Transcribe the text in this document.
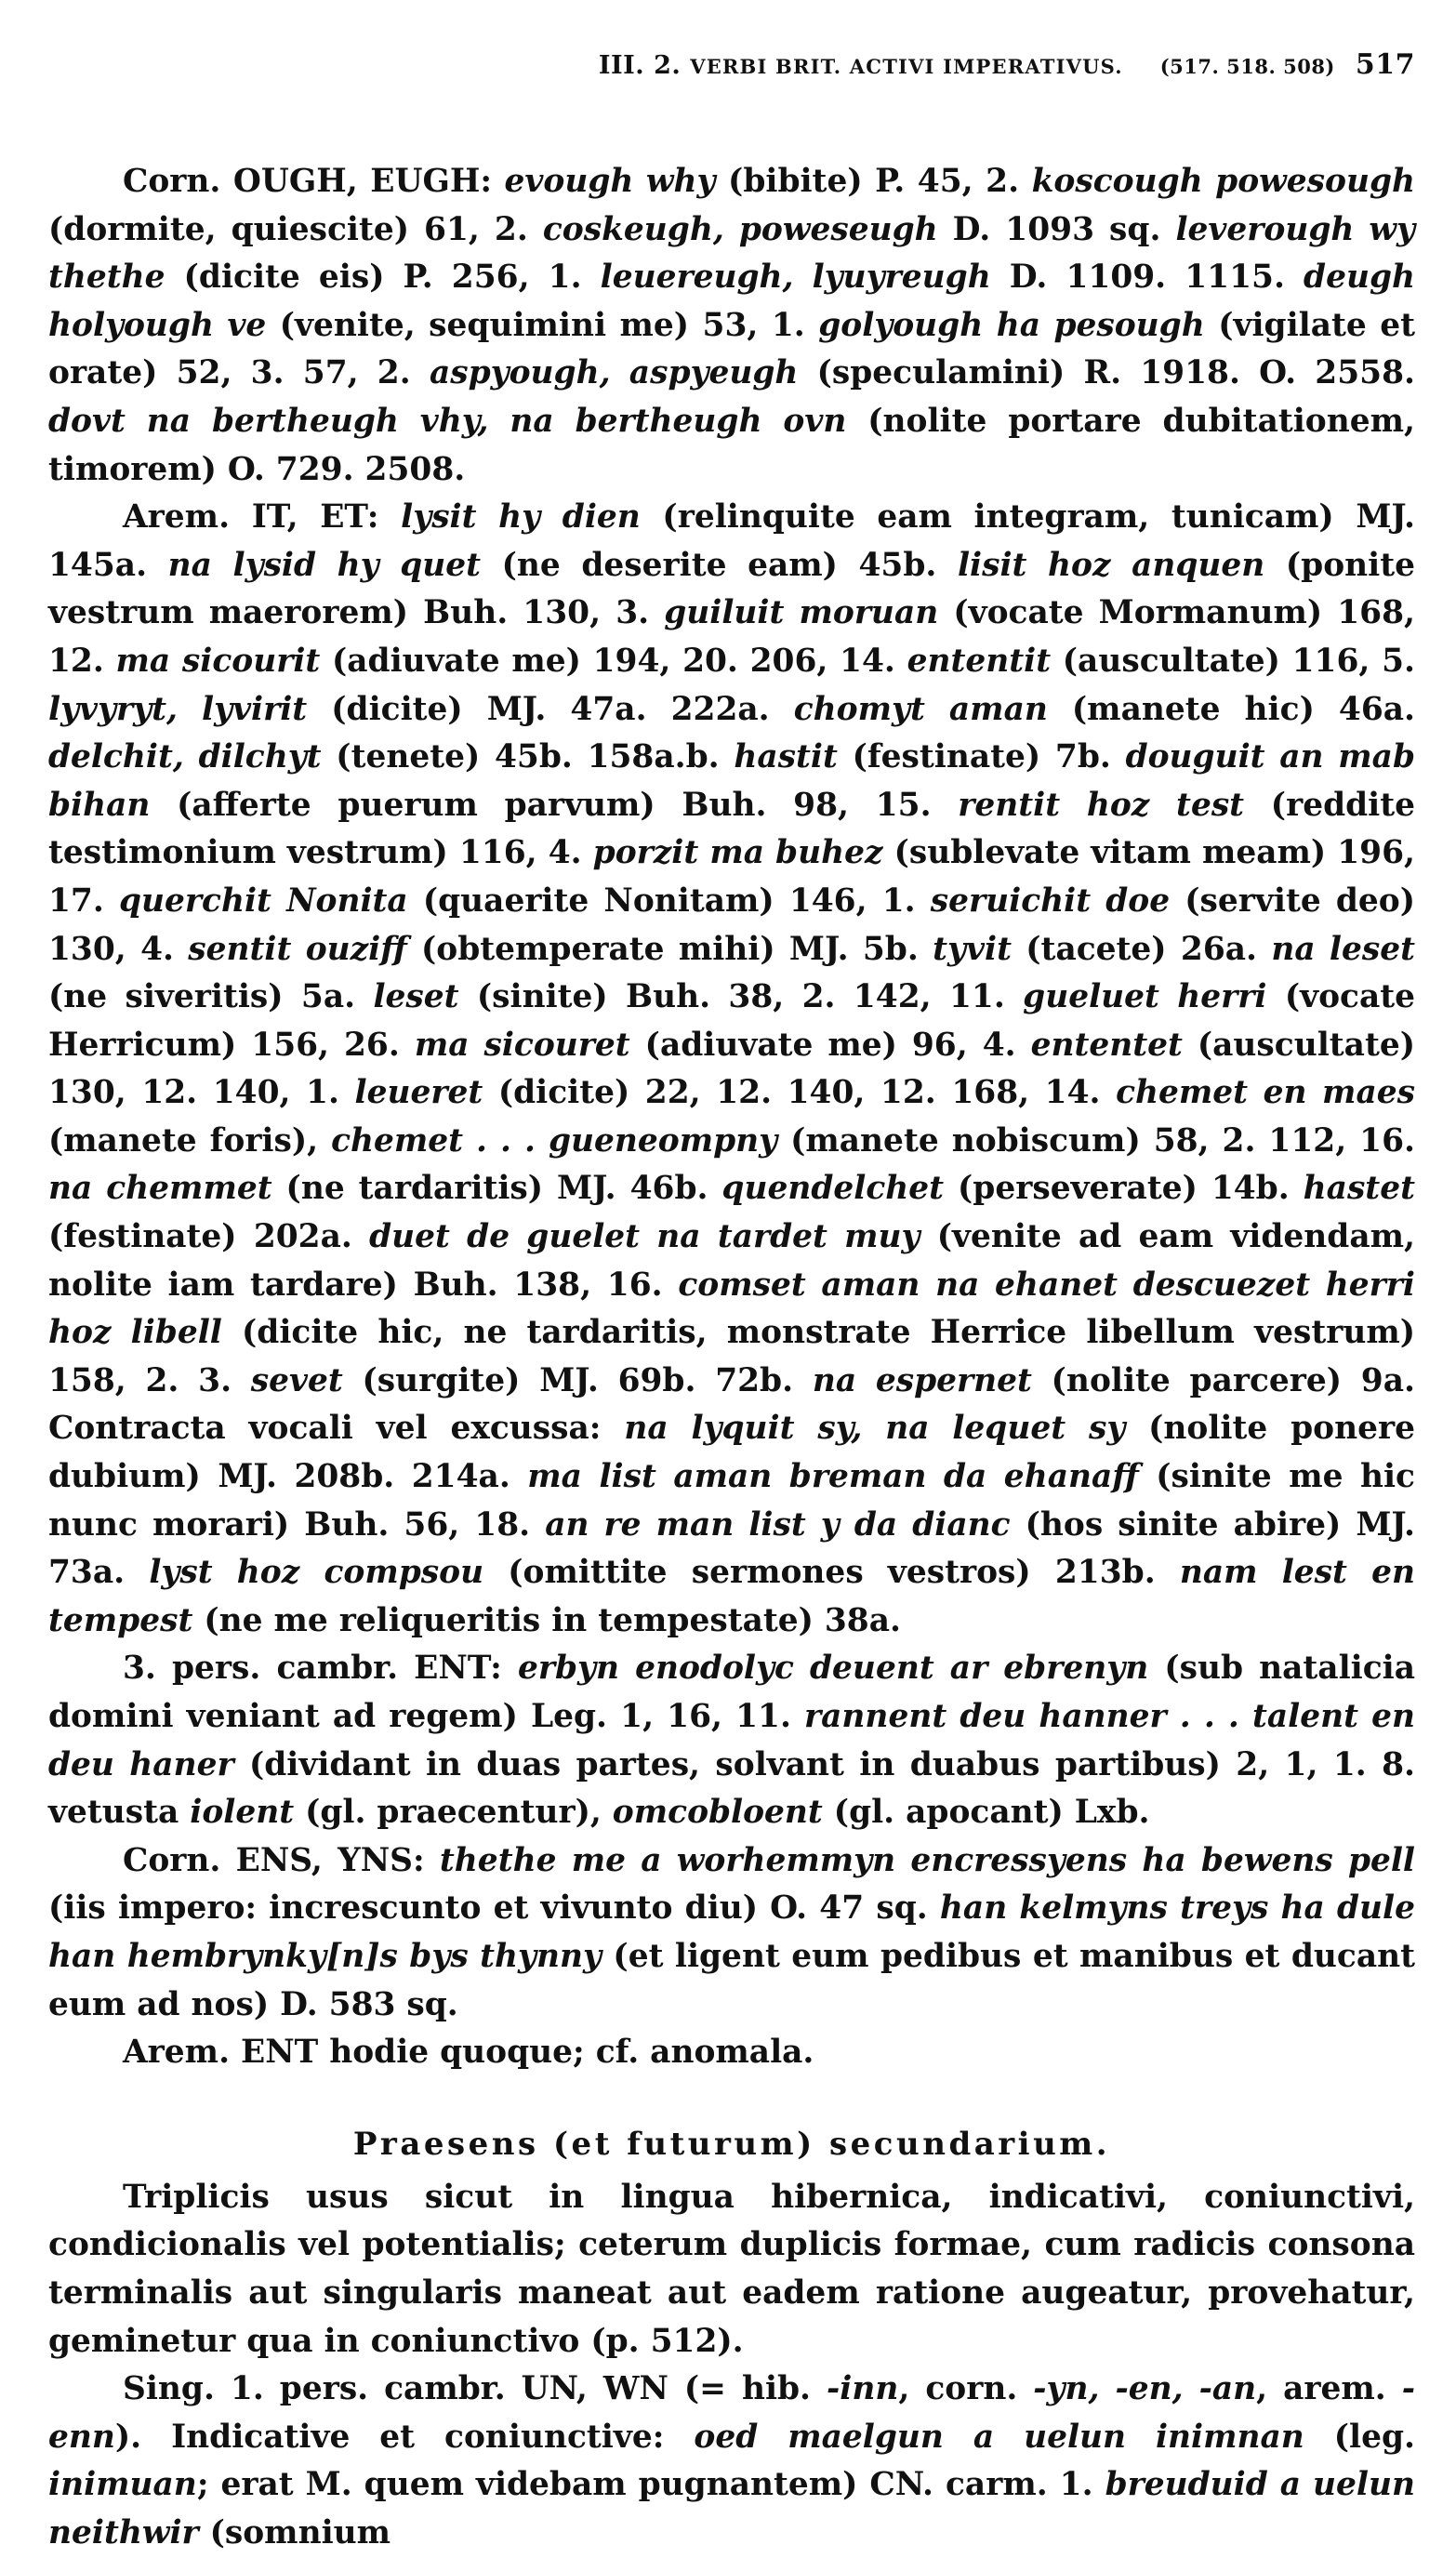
III. 2. VERBI BRIT. ACTIVI IMPERATIVUS. (517. 518. 508) 517

Corn. OUGH, EUGH: evough why (bibite) P. 45, 2. koscough powesough (dormite, quiescite) 61, 2. coskeugh, poweseugh D. 1093 sq. leverough wy thethe (dicite eis) P. 256, 1. leuereugh, lyuyreugh D. 1109. 1115. deugh holyough ve (venite, sequimini me) 53, 1. golyough ha pesough (vigilate et orate) 52, 3. 57, 2. aspyough, aspyeugh (speculamini) R. 1918. O. 2558. dovt na bertheugh vhy, na bertheugh ovn (nolite portare dubitationem, timorem) O. 729. 2508.

Arem. IT, ET: lysit hy dien (relinquite eam integram, tunicam) MJ. 145a. na lysid hy quet (ne deserite eam) 45b. lisit hoz anquen (ponite vestrum maerorem) Buh. 130, 3. guiluit moruan (vocate Mormanum) 168, 12. ma sicourit (adiuvate me) 194, 20. 206, 14. ententit (auscultate) 116, 5. lyvyryt, lyvirit (dicite) MJ. 47a. 222a. chomyt aman (manete hic) 46a. delchit, dilchyt (tenete) 45b. 158a.b. hastit (festinate) 7b. douguit an mab bihan (afferte puerum parvum) Buh. 98, 15. rentit hoz test (reddite testimonium vestrum) 116, 4. porzit ma buhez (sublevate vitam meam) 196, 17. querchit Nonita (quaerite Nonitam) 146, 1. seruichit doe (servite deo) 130, 4. sentit ouziff (obtemperate mihi) MJ. 5b. tyvit (tacete) 26a. na leset (ne siveritis) 5a. leset (sinite) Buh. 38, 2. 142, 11. gueluet herri (vocate Herricum) 156, 26. ma sicouret (adiuvate me) 96, 4. ententet (auscultate) 130, 12. 140, 1. leueret (dicite) 22, 12. 140, 12. 168, 14. chemet en maes (manete foris), chemet . . . gueneompny (manete nobiscum) 58, 2. 112, 16. na chemmet (ne tardaritis) MJ. 46b. quendelchet (perseverate) 14b. hastet (festinate) 202a. duet de guelet na tardet muy (venite ad eam videndam, nolite iam tardare) Buh. 138, 16. comset aman na ehanet descuezet herri hoz libell (dicite hic, ne tardaritis, monstrate Herrice libellum vestrum) 158, 2. 3. sevet (surgite) MJ. 69b. 72b. na espernet (nolite parcere) 9a. Contracta vocali vel excussa: na lyquit sy, na lequet sy (nolite ponere dubium) MJ. 208b. 214a. ma list aman breman da ehanaff (sinite me hic nunc morari) Buh. 56, 18. an re man list y da dianc (hos sinite abire) MJ. 73a. lyst hoz compsou (omittite sermones vestros) 213b. nam lest en tempest (ne me reliqueritis in tempestate) 38a.

3. pers. cambr. ENT: erbyn enodolyc deuent ar ebrenyn (sub natalicia domini veniant ad regem) Leg. 1, 16, 11. rannent deu hanner . . . talent en deu haner (dividant in duas partes, solvant in duabus partibus) 2, 1, 1. 8. vetusta iolent (gl. praecentur), omcobloent (gl. apocant) Lxb.

Corn. ENS, YNS: thethe me a worhemmyn encressyens ha bewens pell (iis impero: increscunto et vivunto diu) O. 47 sq. han kelmyns treys ha dule han hembrynky[n]s bys thynny (et ligent eum pedibus et manibus et ducant eum ad nos) D. 583 sq.

Arem. ENT hodie quoque; cf. anomala.

Praesens (et futurum) secundarium.

Triplicis usus sicut in lingua hibernica, indicativi, coniunctivi, condicionalis vel potentialis; ceterum duplicis formae, cum radicis consona terminalis aut singularis maneat aut eadem ratione augeatur, provehatur, geminetur qua in coniunctivo (p. 512).

Sing. 1. pers. cambr. UN, WN (= hib. -inn, corn. -yn, -en, -an, arem. -enn). Indicative et coniunctive: oed maelgun a uelun inimnan (leg. inimuan; erat M. quem videbam pugnantem) CN. carm. 1. breuduid a uelun neithwir (somnium
